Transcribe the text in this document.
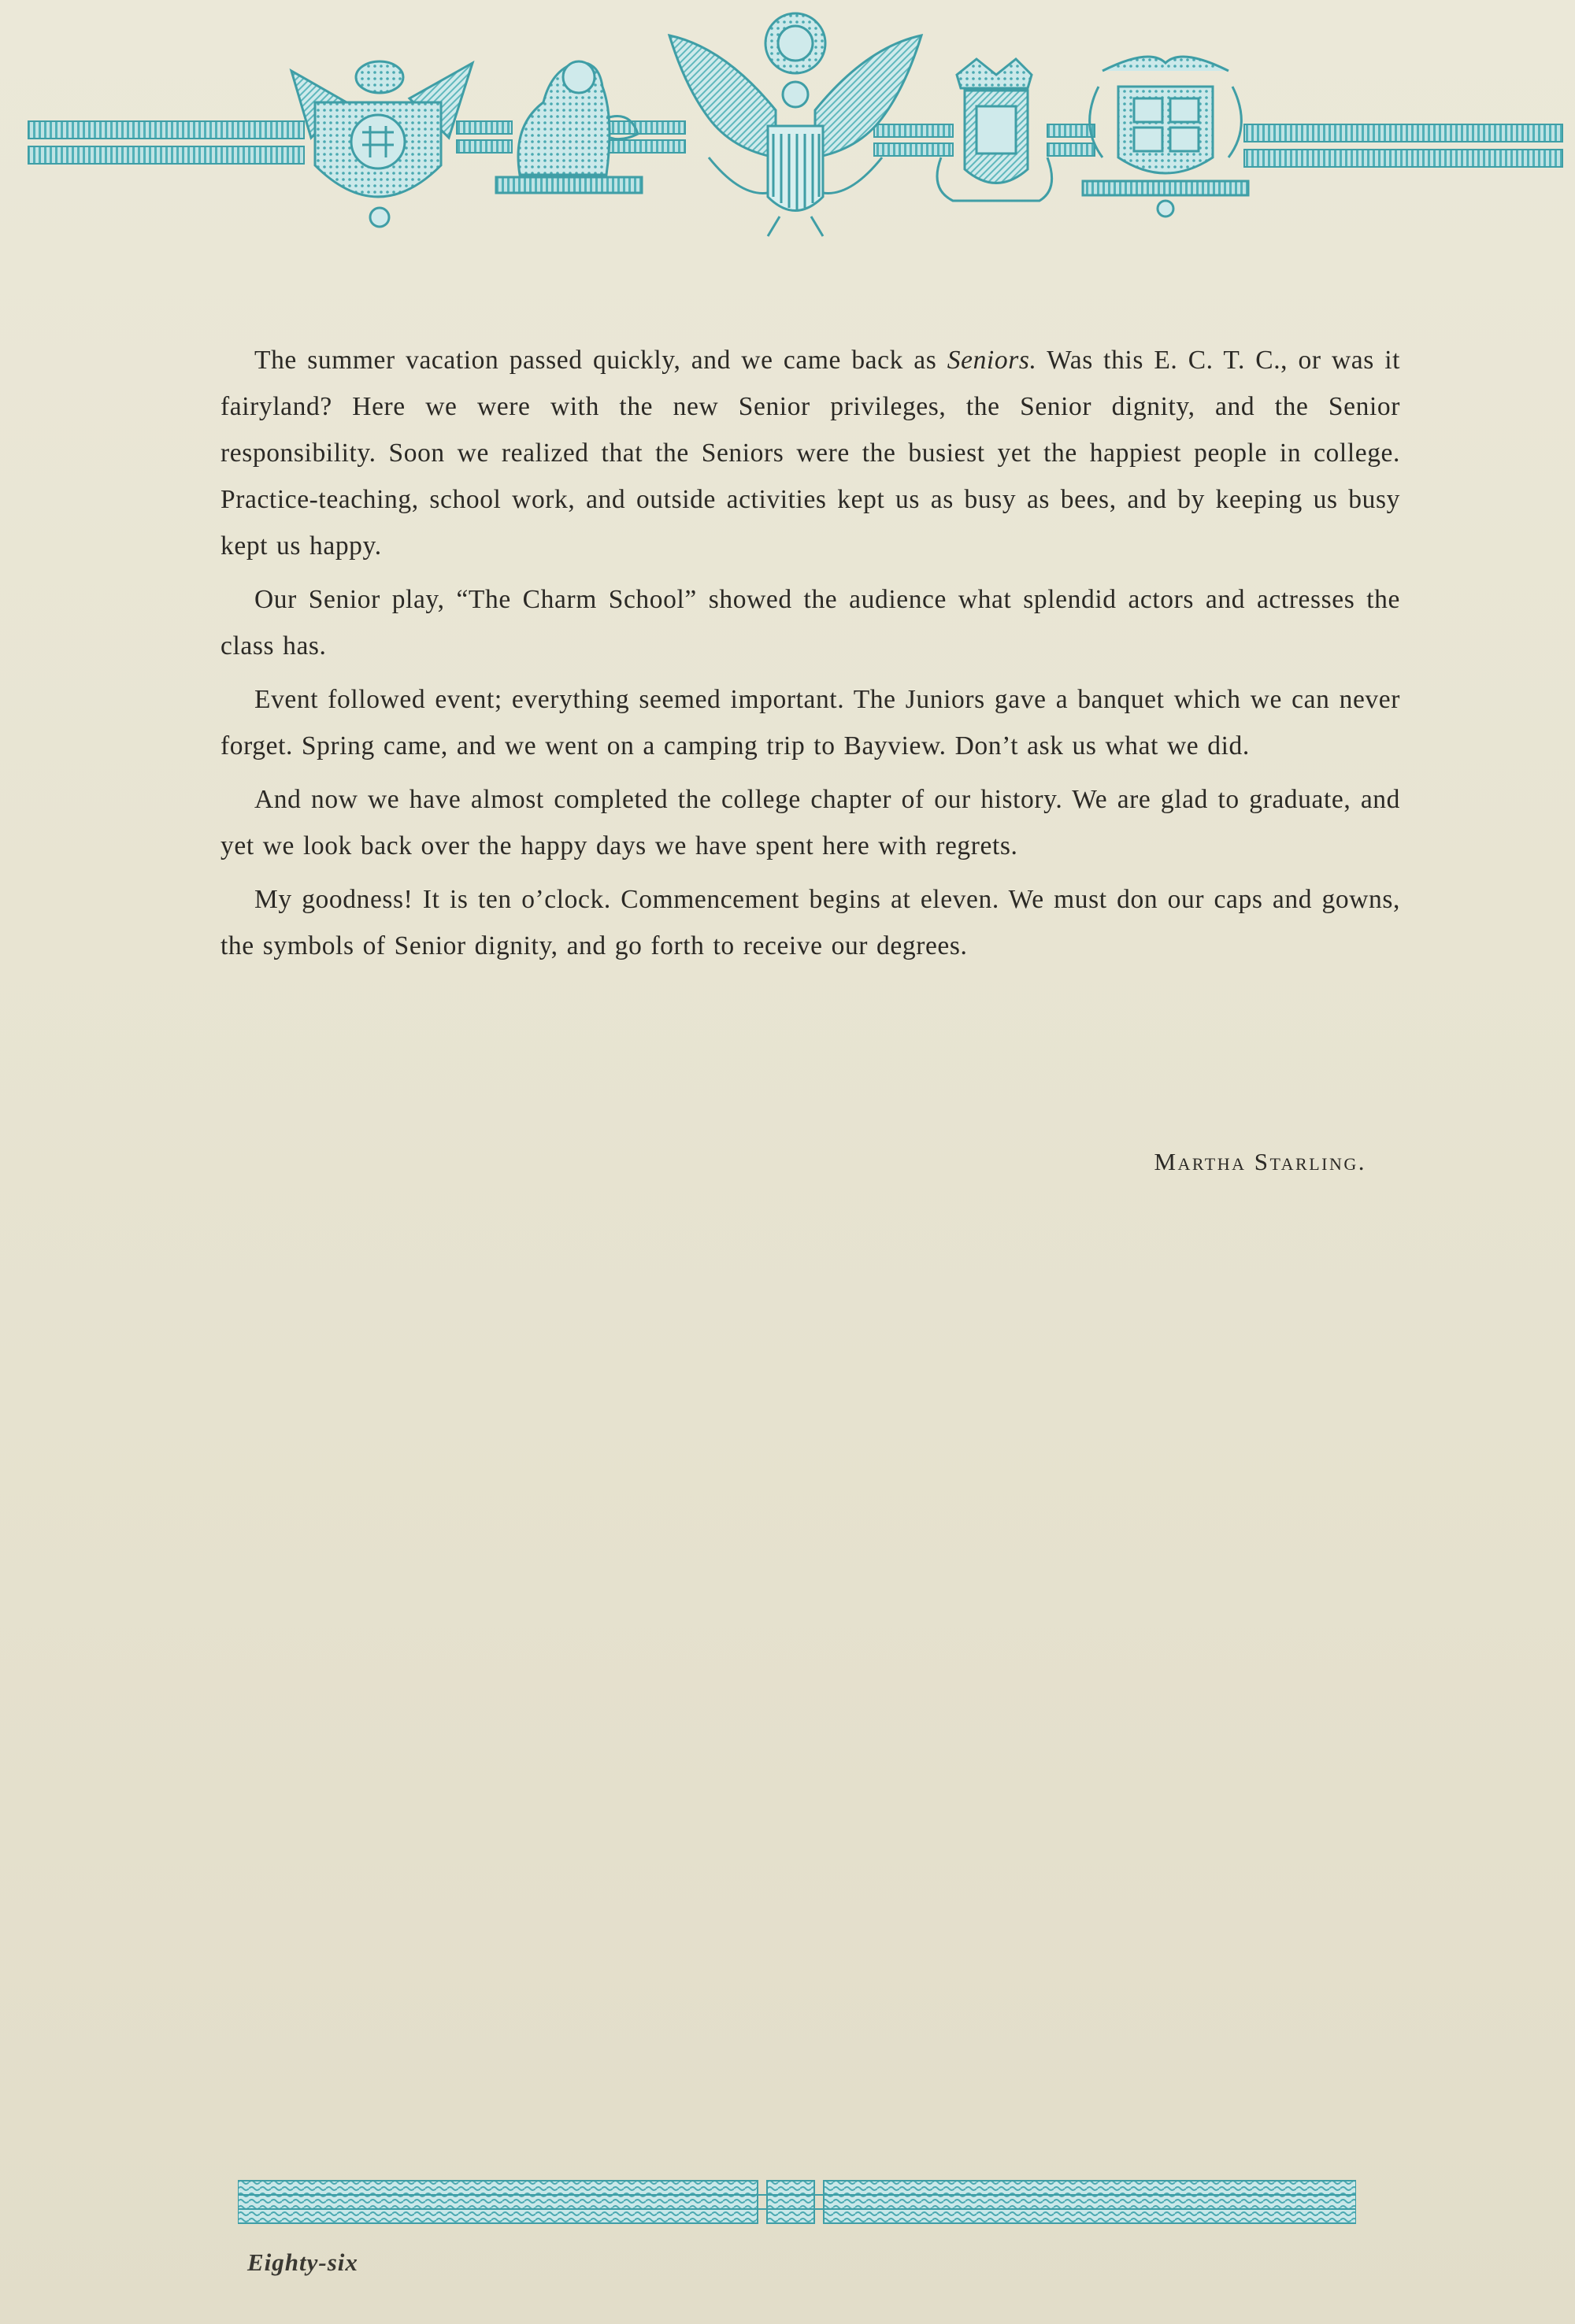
The summer vacation passed quickly, and we came back as Seniors. Was this E. C. T. C., or was it fairyland? Here we were with the new Senior privileges, the Senior dignity, and the Senior responsibility. Soon we realized that the Seniors were the busiest yet the happiest people in college. Practice-teaching, school work, and outside activities kept us as busy as bees, and by keeping us busy kept us happy.

Our Senior play, “The Charm School” showed the audience what splendid actors and actresses the class has.

Event followed event; everything seemed important. The Juniors gave a banquet which we can never forget. Spring came, and we went on a camping trip to Bayview. Don’t ask us what we did.

And now we have almost completed the college chapter of our history. We are glad to graduate, and yet we look back over the happy days we have spent here with regrets.

My goodness! It is ten o’clock. Commencement begins at eleven. We must don our caps and gowns, the symbols of Senior dignity, and go forth to receive our degrees.

Martha Starling.
Eighty-six
